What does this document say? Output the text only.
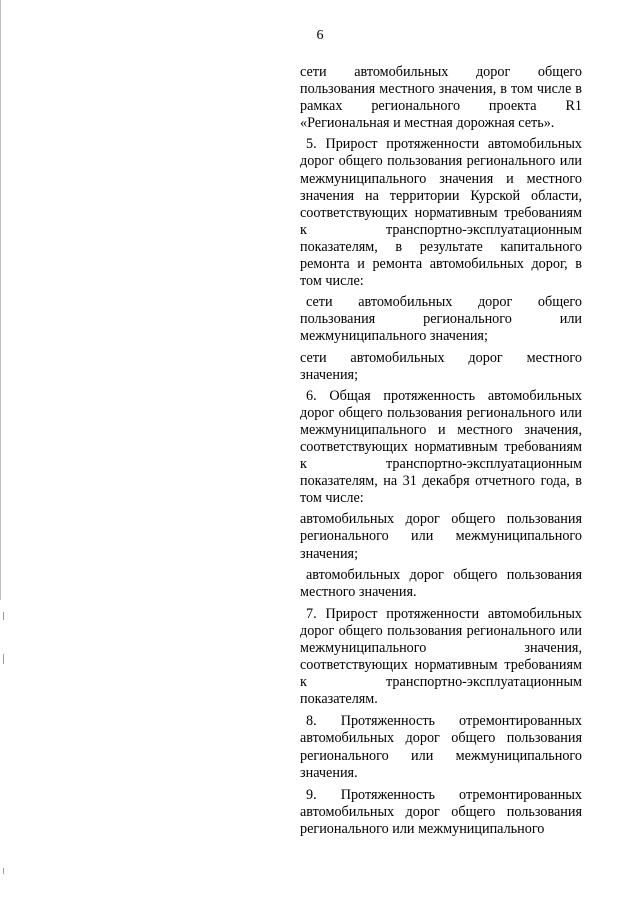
6

сети автомобильных дорог общего пользования местного значения, в том числе в рамках регионального проекта R1 «Региональная и местная дорожная сеть».

5. Прирост протяженности автомобильных дорог общего пользования регионального или межмуниципального значения и местного значения на территории Курской области, соответствующих нормативным требованиям к транспортно-эксплуатационным показателям, в результате капитального ремонта и ремонта автомобильных дорог, в том числе:

сети автомобильных дорог общего пользования регионального или межмуниципального значения;

сети автомобильных дорог местного значения;

6. Общая протяженность автомобильных дорог общего пользования регионального или межмуниципального и местного значения, соответствующих нормативным требованиям к транспортно-эксплуатационным показателям, на 31 декабря отчетного года, в том числе:

автомобильных дорог общего пользования регионального или межмуниципального значения;

автомобильных дорог общего пользования местного значения.

7. Прирост протяженности автомобильных дорог общего пользования регионального или межмуниципального значения, соответствующих нормативным требованиям к транспортно-эксплуатационным показателям.

8. Протяженность отремонтированных автомобильных дорог общего пользования регионального или межмуниципального значения.

9. Протяженность отремонтированных автомобильных дорог общего пользования регионального или межмуниципального
